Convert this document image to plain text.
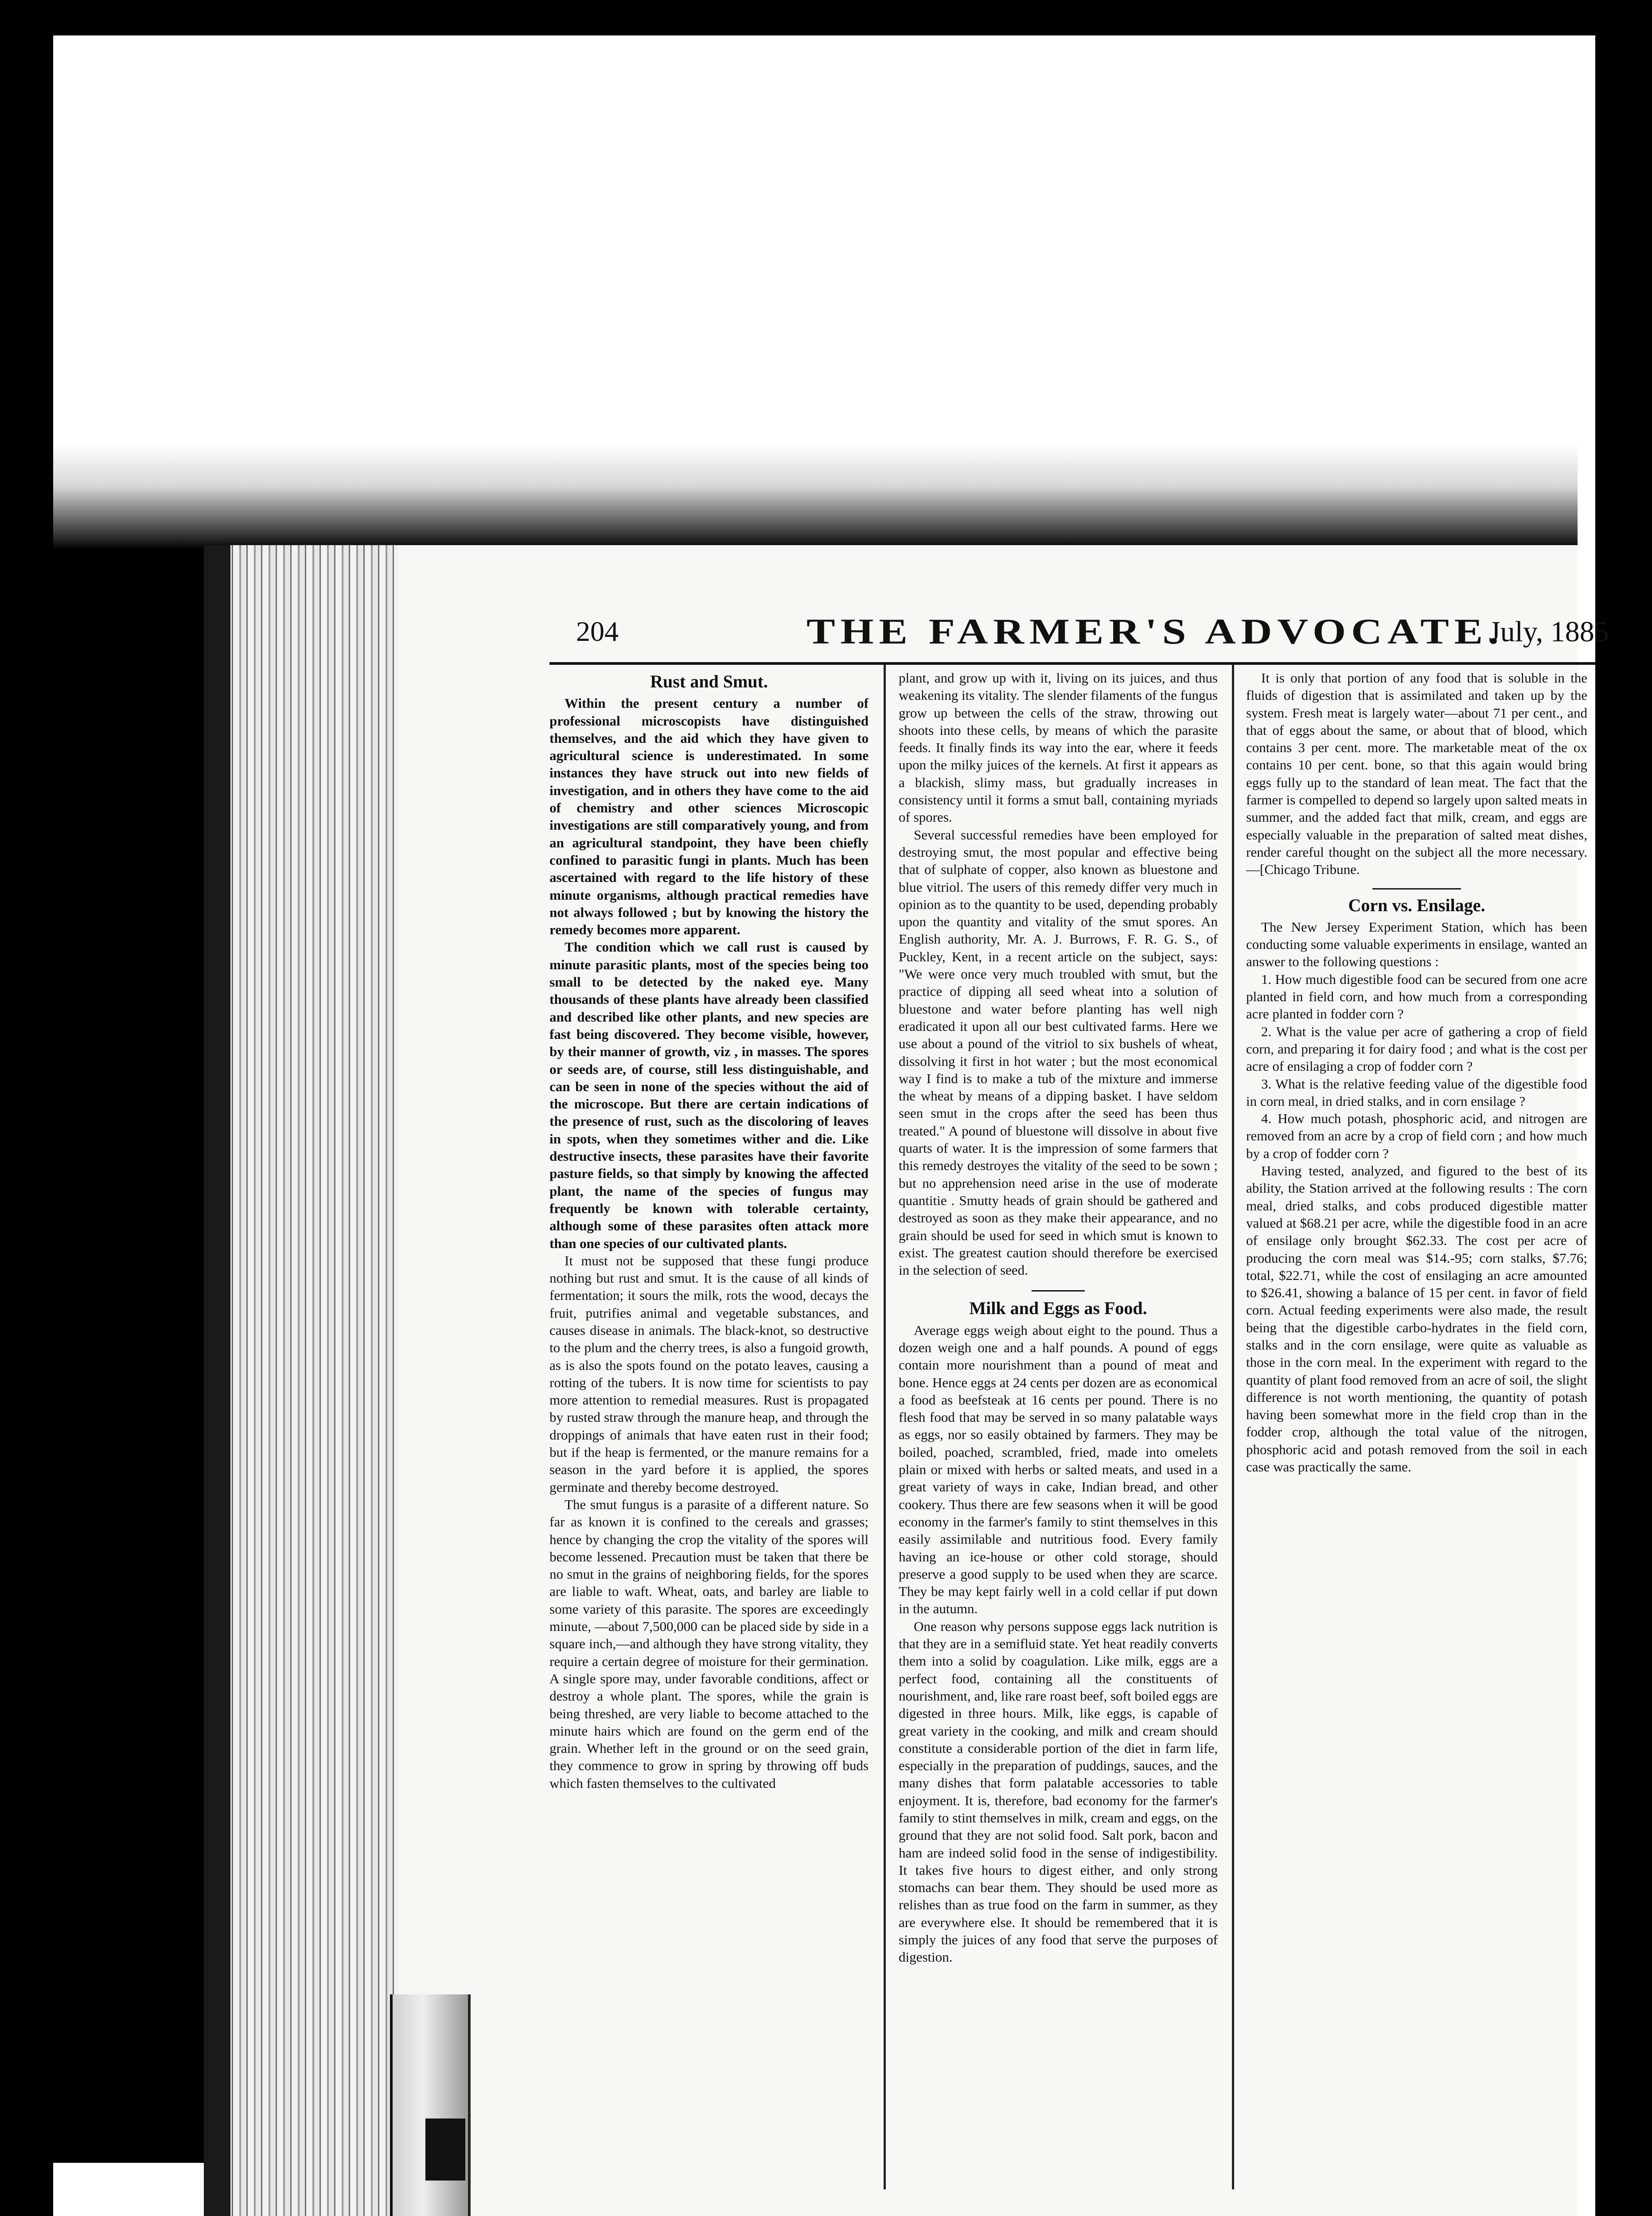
204	THE FARMER'S ADVOCATE.
July, 1885
Rust and Smut.

Within the present century a number of professional microscopists have distinguished themselves, and the aid which they have given to agricultural science is underestimated. In some instances they have struck out into new fields of investigation, and in others they have come to the aid of chemistry and other sciences Microscopic investigations are still comparatively young, and from an agricultural standpoint, they have been chiefly confined to parasitic fungi in plants. Much has been ascertained with regard to the life history of these minute organisms, although practical remedies have not always followed ; but by knowing the history the remedy becomes more apparent.

The condition which we call rust is caused by minute parasitic plants, most of the species being too small to be detected by the naked eye. Many thousands of these plants have already been classified and described like other plants, and new species are fast being discovered. They become visible, however, by their manner of growth, viz , in masses. The spores or seeds are, of course, still less distinguishable, and can be seen in none of the species without the aid of the microscope. But there are certain indications of the presence of rust, such as the discoloring of leaves in spots, when they sometimes wither and die. Like destructive insects, these parasites have their favorite pasture fields, so that simply by knowing the affected plant, the name of the species of fungus may frequently be known with tolerable certainty, although some of these parasites often attack more than one species of our cultivated plants.

It must not be supposed that these fungi produce nothing but rust and smut. It is the cause of all kinds of fermentation; it sours the milk, rots the wood, decays the fruit, putrifies animal and vegetable substances, and causes disease in animals. The black-knot, so destructive to the plum and the cherry trees, is also a fungoid growth, as is also the spots found on the potato leaves, causing a rotting of the tubers. It is now time for scientists to pay more attention to remedial measures. Rust is propagated by rusted straw through the manure heap, and through the droppings of animals that have eaten rust in their food; but if the heap is fermented, or the manure remains for a season in the yard before it is applied, the spores germinate and thereby become destroyed.

The smut fungus is a parasite of a different nature. So far as known it is confined to the cereals and grasses; hence by changing the crop the vitality of the spores will become lessened. Precaution must be taken that there be no smut in the grains of neighboring fields, for the spores are liable to waft. Wheat, oats, and barley are liable to some variety of this parasite. The spores are exceedingly minute, —about 7,500,000 can be placed side by side in a square inch,—and although they have strong vitality, they require a certain degree of moisture for their germination. A single spore may, under favorable conditions, affect or destroy a whole plant. The spores, while the grain is being threshed, are very liable to become attached to the minute hairs which are found on the germ end of the grain. Whether left in the ground or on the seed grain, they commence to grow in spring by throwing off buds which fasten themselves to the cultivated

plant, and grow up with it, living on its juices, and thus weakening its vitality. The slender filaments of the fungus grow up between the cells of the straw, throwing out shoots into these cells, by means of which the parasite feeds. It finally finds its way into the ear, where it feeds upon the milky juices of the kernels. At first it appears as a blackish, slimy mass, but gradually increases in consistency until it forms a smut ball, containing myriads of spores.

Several successful remedies have been employed for destroying smut, the most popular and effective being that of sulphate of copper, also known as bluestone and blue vitriol. The users of this remedy differ very much in opinion as to the quantity to be used, depending probably upon the quantity and vitality of the smut spores. An English authority, Mr. A. J. Burrows, F. R. G. S., of Puckley, Kent, in a recent article on the subject, says: "We were once very much troubled with smut, but the practice of dipping all seed wheat into a solution of bluestone and water before planting has well nigh eradicated it upon all our best cultivated farms. Here we use about a pound of the vitriol to six bushels of wheat, dissolving it first in hot water ; but the most economical way I find is to make a tub of the mixture and immerse the wheat by means of a dipping basket. I have seldom seen smut in the crops after the seed has been thus treated." A pound of bluestone will dissolve in about five quarts of water. It is the impression of some farmers that this remedy destroyes the vitality of the seed to be sown ; but no apprehension need arise in the use of moderate quantitie . Smutty heads of grain should be gathered and destroyed as soon as they make their appearance, and no grain should be used for seed in which smut is known to exist. The greatest caution should therefore be exercised in the selection of seed.

Milk and Eggs as Food.

Average eggs weigh about eight to the pound. Thus a dozen weigh one and a half pounds. A pound of eggs contain more nourishment than a pound of meat and bone. Hence eggs at 24 cents per dozen are as economical a food as beefsteak at 16 cents per pound. There is no flesh food that may be served in so many palatable ways as eggs, nor so easily obtained by farmers. They may be boiled, poached, scrambled, fried, made into omelets plain or mixed with herbs or salted meats, and used in a great variety of ways in cake, Indian bread, and other cookery. Thus there are few seasons when it will be good economy in the farmer's family to stint themselves in this easily assimilable and nutritious food. Every family having an ice-house or other cold storage, should preserve a good supply to be used when they are scarce. They be may kept fairly well in a cold cellar if put down in the autumn.

One reason why persons suppose eggs lack nutrition is that they are in a semifluid state. Yet heat readily converts them into a solid by coagulation. Like milk, eggs are a perfect food, containing all the constituents of nourishment, and, like rare roast beef, soft boiled eggs are digested in three hours. Milk, like eggs, is capable of great variety in the cooking, and milk and cream should constitute a considerable portion of the diet in farm life, especially in the preparation of puddings, sauces, and the many dishes that form palatable accessories to table enjoyment. It is, therefore, bad economy for the farmer's family to stint themselves in milk, cream and eggs, on the ground that they are not solid food. Salt pork, bacon and ham are indeed solid food in the sense of indigestibility. It takes five hours to digest either, and only strong stomachs can bear them. They should be used more as relishes than as true food on the farm in summer, as they are everywhere else. It should be remembered that it is simply the juices of any food that serve the purposes of digestion.

It is only that portion of any food that is soluble in the fluids of digestion that is assimilated and taken up by the system. Fresh meat is largely water—about 71 per cent., and that of eggs about the same, or about that of blood, which contains 3 per cent. more. The marketable meat of the ox contains 10 per cent. bone, so that this again would bring eggs fully up to the standard of lean meat. The fact that the farmer is compelled to depend so largely upon salted meats in summer, and the added fact that milk, cream, and eggs are especially valuable in the preparation of salted meat dishes, render careful thought on the subject all the more necessary.—[Chicago Tribune.

Corn vs. Ensilage.

The New Jersey Experiment Station, which has been conducting some valuable experiments in ensilage, wanted an answer to the following questions :

1. How much digestible food can be secured from one acre planted in field corn, and how much from a corresponding acre planted in fodder corn ?

2. What is the value per acre of gathering a crop of field corn, and preparing it for dairy food ; and what is the cost per acre of ensilaging a crop of fodder corn ?

3. What is the relative feeding value of the digestible food in corn meal, in dried stalks, and in corn ensilage ?

4. How much potash, phosphoric acid, and nitrogen are removed from an acre by a crop of field corn ; and how much by a crop of fodder corn ?

Having tested, analyzed, and figured to the best of its ability, the Station arrived at the following results : The corn meal, dried stalks, and cobs produced digestible matter valued at $68.21 per acre, while the digestible food in an acre of ensilage only brought $62.33. The cost per acre of producing the corn meal was $14.-95; corn stalks, $7.76; total, $22.71, while the cost of ensilaging an acre amounted to $26.41, showing a balance of 15 per cent. in favor of field corn. Actual feeding experiments were also made, the result being that the digestible carbo-hydrates in the field corn, stalks and in the corn ensilage, were quite as valuable as those in the corn meal. In the experiment with regard to the quantity of plant food removed from an acre of soil, the slight difference is not worth mentioning, the quantity of potash having been somewhat more in the field crop than in the fodder crop, although the total value of the nitrogen, phosphoric acid and potash removed from the soil in each case was practically the same.
